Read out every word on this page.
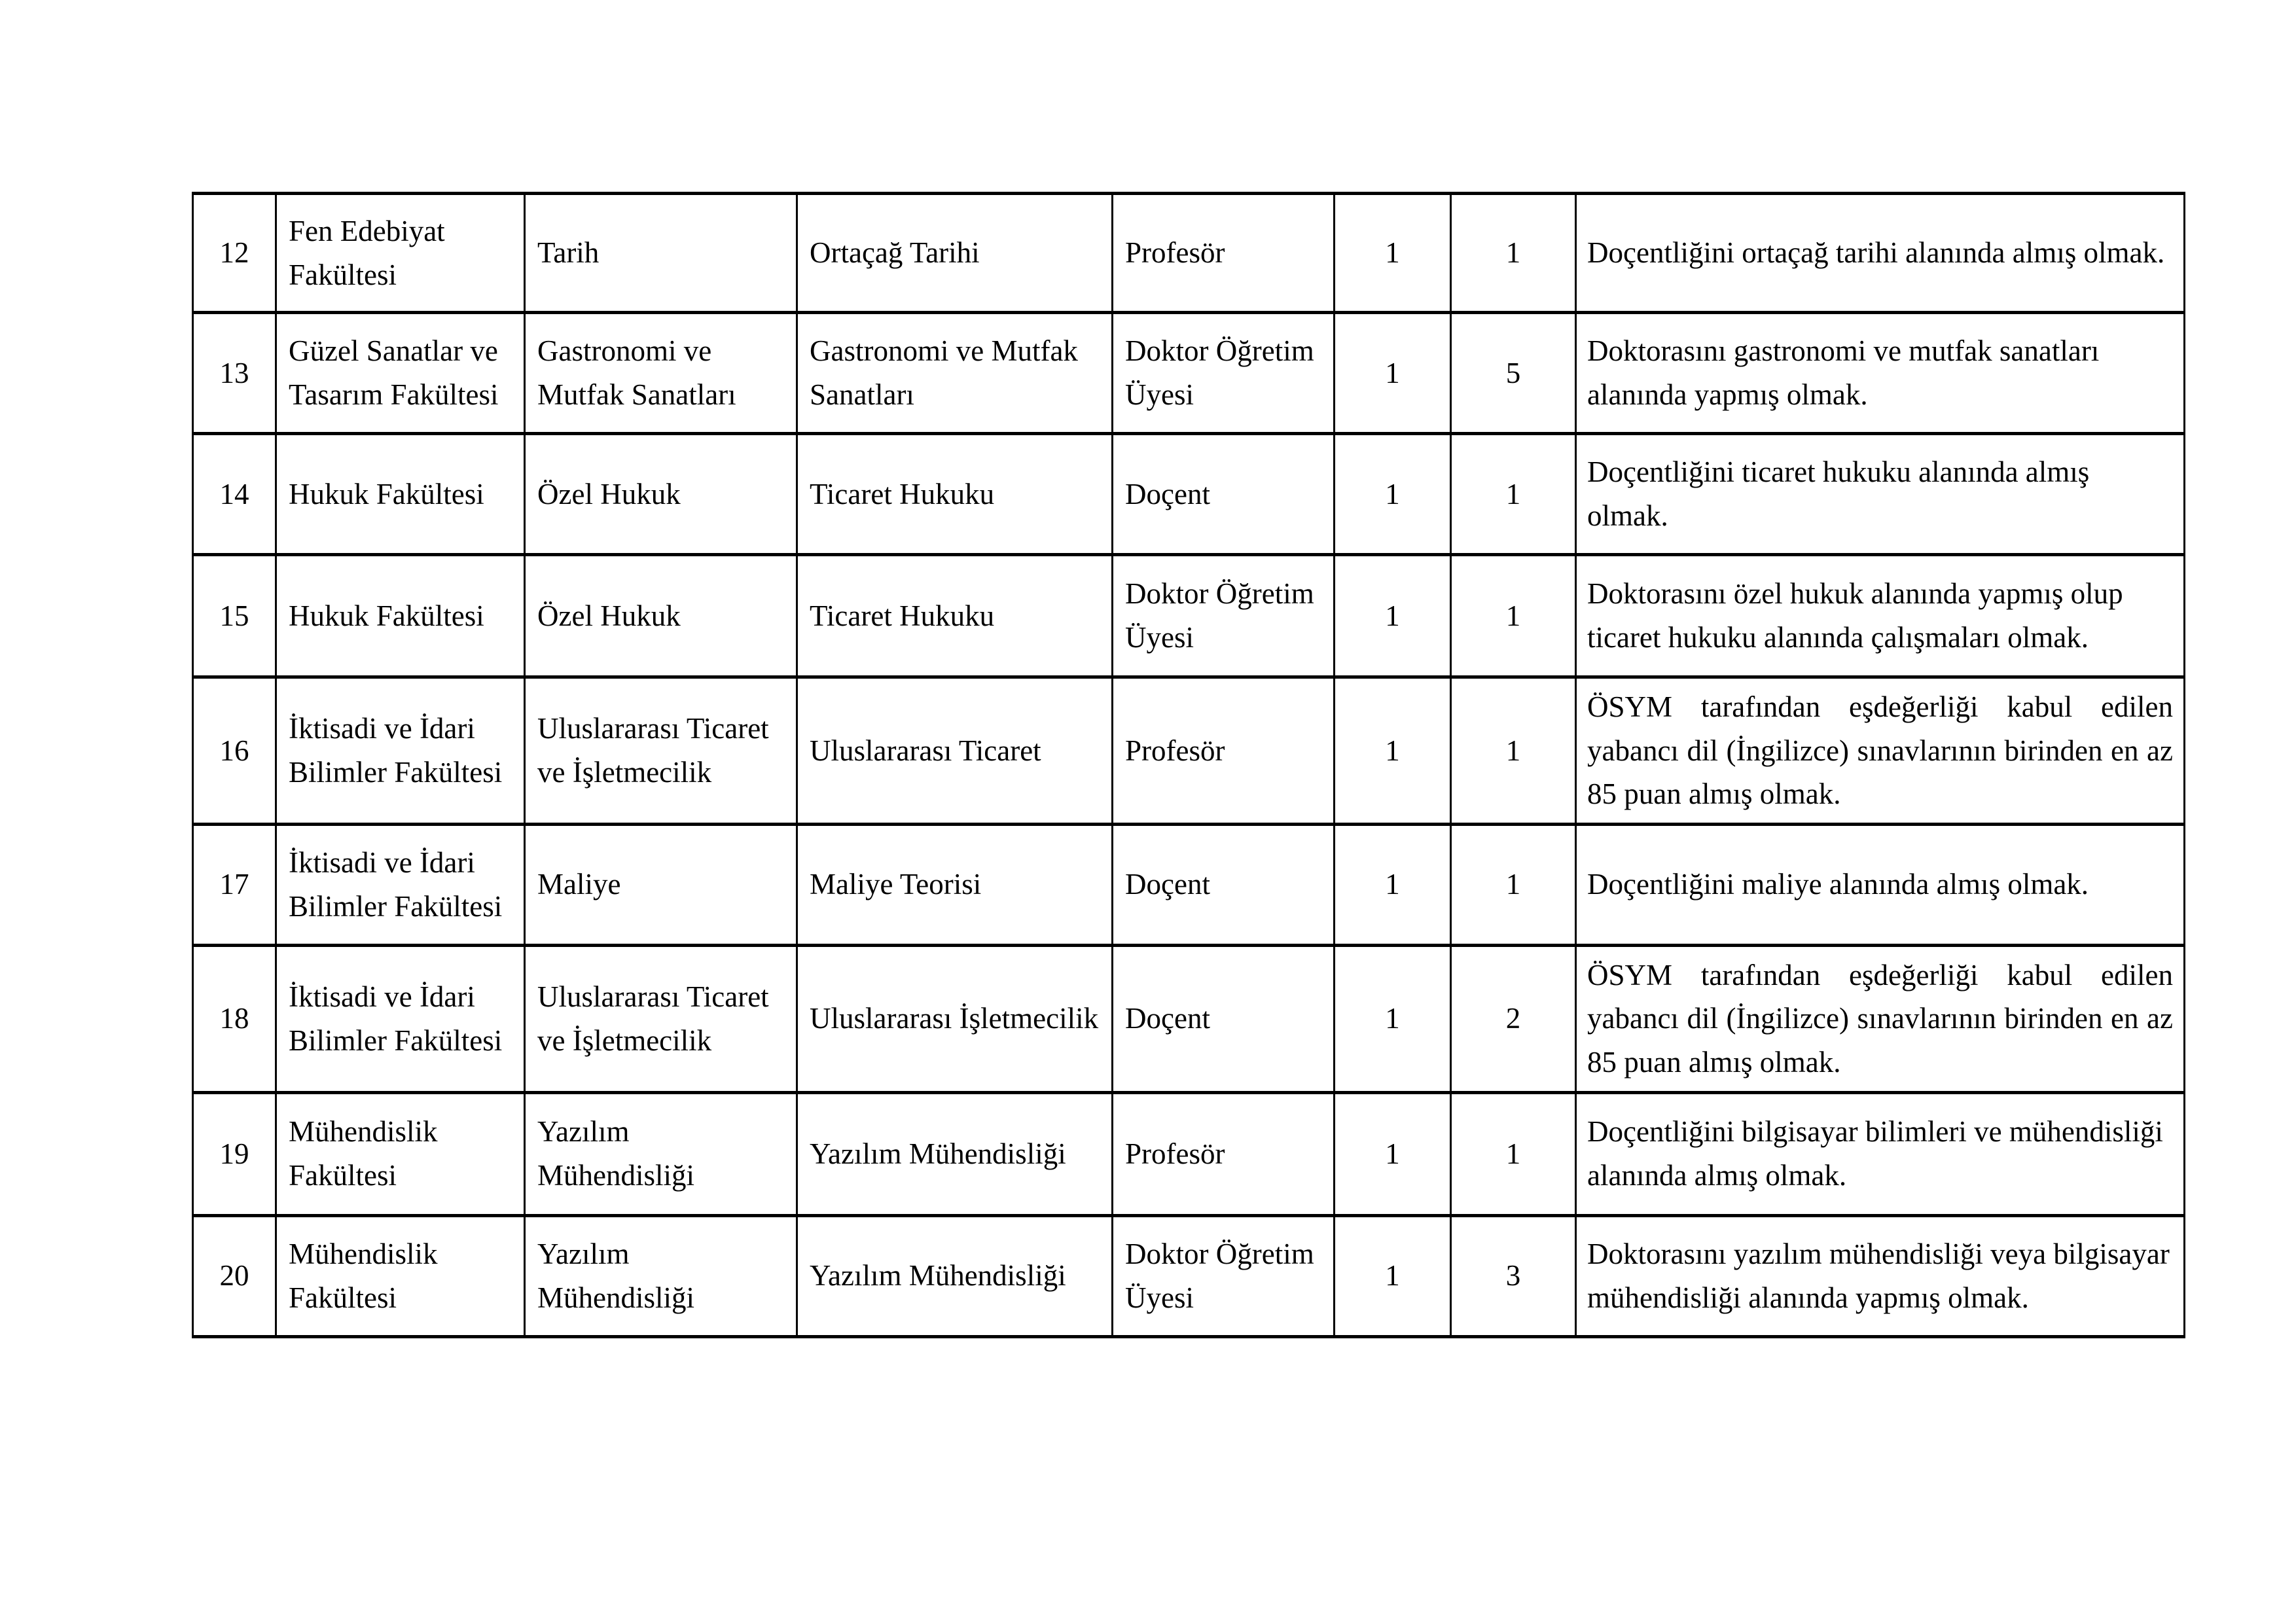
12	Fen Edebiyat Fakültesi	Tarih	Ortaçağ Tarihi	Profesör	1	1	Doçentliğini ortaçağ tarihi alanında almış olmak.
13	Güzel Sanatlar ve Tasarım Fakültesi	Gastronomi ve Mutfak Sanatları	Gastronomi ve Mutfak Sanatları	Doktor Öğretim Üyesi	1	5	Doktorasını gastronomi ve mutfak sanatları alanında yapmış olmak.
14	Hukuk Fakültesi	Özel Hukuk	Ticaret Hukuku	Doçent	1	1	Doçentliğini ticaret hukuku alanında almış olmak.
15	Hukuk Fakültesi	Özel Hukuk	Ticaret Hukuku	Doktor Öğretim Üyesi	1	1	Doktorasını özel hukuk alanında yapmış olup ticaret hukuku alanında çalışmaları olmak.
16	İktisadi ve İdari Bilimler Fakültesi	Uluslararası Ticaret ve İşletmecilik	Uluslararası Ticaret	Profesör	1	1	ÖSYM tarafından eşdeğerliği kabul edilen yabancı dil (İngilizce) sınavlarının birinden en az 85 puan almış olmak.
17	İktisadi ve İdari Bilimler Fakültesi	Maliye	Maliye Teorisi	Doçent	1	1	Doçentliğini maliye alanında almış olmak.
18	İktisadi ve İdari Bilimler Fakültesi	Uluslararası Ticaret ve İşletmecilik	Uluslararası İşletmecilik	Doçent	1	2	ÖSYM tarafından eşdeğerliği kabul edilen yabancı dil (İngilizce) sınavlarının birinden en az 85 puan almış olmak.
19	Mühendislik Fakültesi	Yazılım Mühendisliği	Yazılım Mühendisliği	Profesör	1	1	Doçentliğini bilgisayar bilimleri ve mühendisliği alanında almış olmak.
20	Mühendislik Fakültesi	Yazılım Mühendisliği	Yazılım Mühendisliği	Doktor Öğretim Üyesi	1	3	Doktorasını yazılım mühendisliği veya bilgisayar mühendisliği alanında yapmış olmak.
